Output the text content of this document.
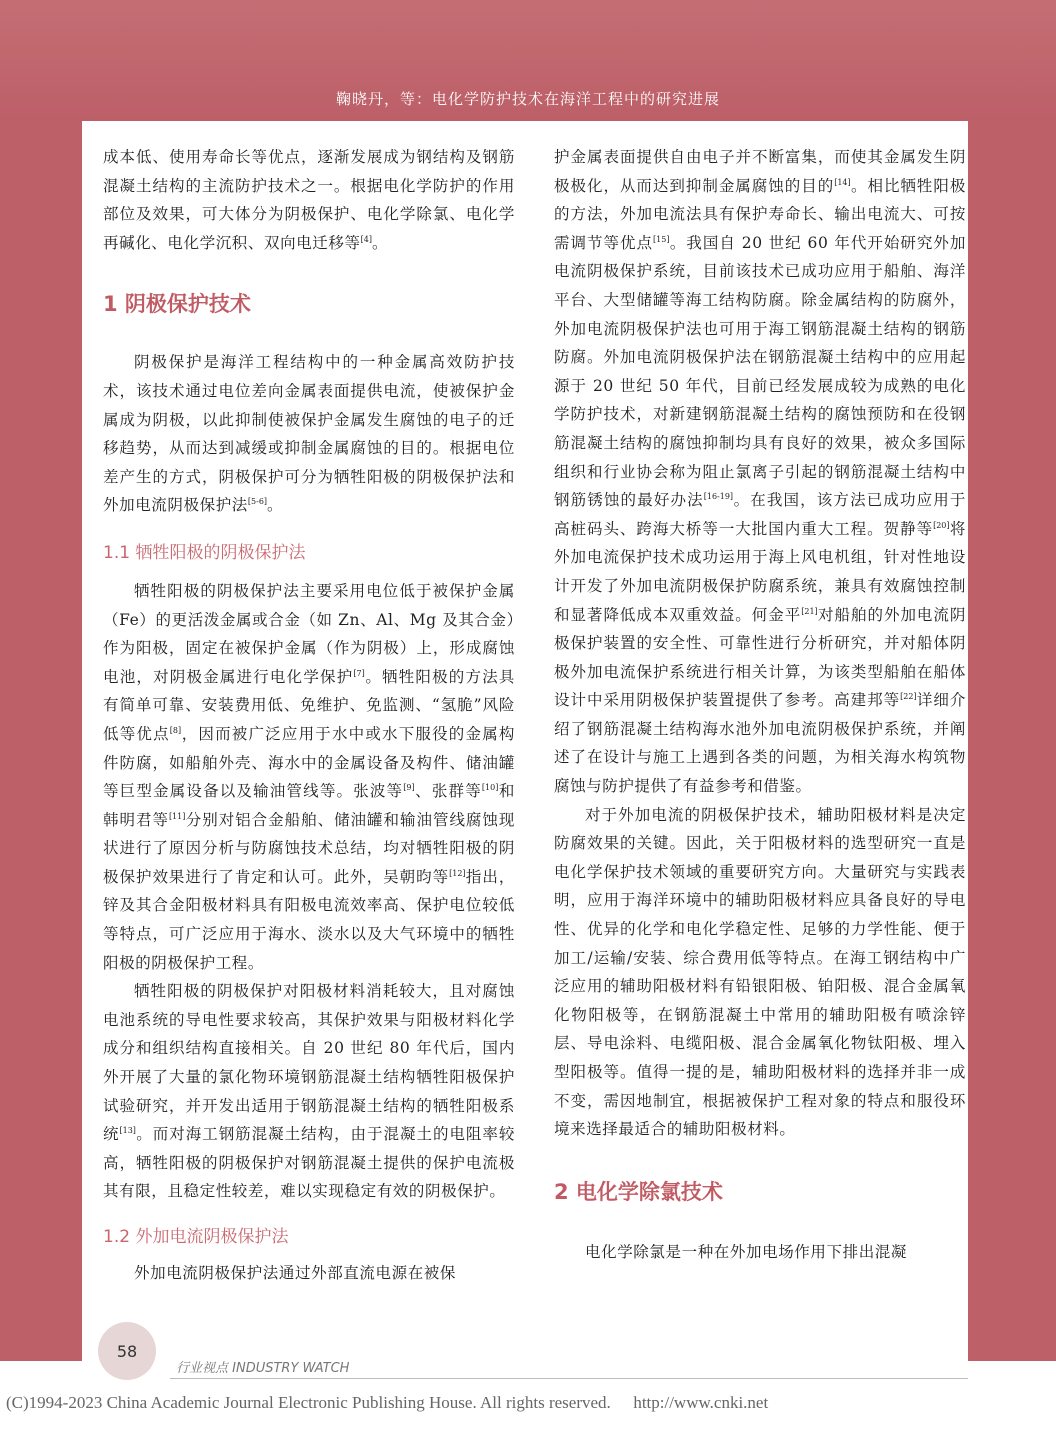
鞠晓丹，等：电化学防护技术在海洋工程中的研究进展

成本低、使用寿命长等优点，逐渐发展成为钢结构及钢筋混凝土结构的主流防护技术之一。根据电化学防护的作用部位及效果，可大体分为阴极保护、电化学除氯、电化学再碱化、电化学沉积、双向电迁移等[4]。

1 阴极保护技术

阴极保护是海洋工程结构中的一种金属高效防护技术，该技术通过电位差向金属表面提供电流，使被保护金属成为阴极，以此抑制使被保护金属发生腐蚀的电子的迁移趋势，从而达到减缓或抑制金属腐蚀的目的。根据电位差产生的方式，阴极保护可分为牺牲阳极的阴极保护法和外加电流阴极保护法[5-6]。

1.1 牺牲阳极的阴极保护法

牺牲阳极的阴极保护法主要采用电位低于被保护金属（Fe）的更活泼金属或合金（如 Zn、Al、Mg 及其合金）作为阳极，固定在被保护金属（作为阴极）上，形成腐蚀电池，对阴极金属进行电化学保护[7]。牺牲阳极的方法具有简单可靠、安装费用低、免维护、免监测、“氢脆”风险低等优点[8]，因而被广泛应用于水中或水下服役的金属构件防腐，如船舶外壳、海水中的金属设备及构件、储油罐等巨型金属设备以及输油管线等。张波等[9]、张群等[10]和韩明君等[11]分别对铝合金船舶、储油罐和输油管线腐蚀现状进行了原因分析与防腐蚀技术总结，均对牺牲阳极的阴极保护效果进行了肯定和认可。此外，吴朝昀等[12]指出，锌及其合金阳极材料具有阳极电流效率高、保护电位较低等特点，可广泛应用于海水、淡水以及大气环境中的牺牲阳极的阴极保护工程。

牺牲阳极的阴极保护对阳极材料消耗较大，且对腐蚀电池系统的导电性要求较高，其保护效果与阳极材料化学成分和组织结构直接相关。自 20 世纪 80 年代后，国内外开展了大量的氯化物环境钢筋混凝土结构牺牲阳极保护试验研究，并开发出适用于钢筋混凝土结构的牺牲阳极系统[13]。而对海工钢筋混凝土结构，由于混凝土的电阻率较高，牺牲阳极的阴极保护对钢筋混凝土提供的保护电流极其有限，且稳定性较差，难以实现稳定有效的阴极保护。

1.2 外加电流阴极保护法

外加电流阴极保护法通过外部直流电源在被保

护金属表面提供自由电子并不断富集，而使其金属发生阴极极化，从而达到抑制金属腐蚀的目的[14]。相比牺牲阳极的方法，外加电流法具有保护寿命长、输出电流大、可按需调节等优点[15]。我国自 20 世纪 60 年代开始研究外加电流阴极保护系统，目前该技术已成功应用于船舶、海洋平台、大型储罐等海工结构防腐。除金属结构的防腐外，外加电流阴极保护法也可用于海工钢筋混凝土结构的钢筋防腐。外加电流阴极保护法在钢筋混凝土结构中的应用起源于 20 世纪 50 年代，目前已经发展成较为成熟的电化学防护技术，对新建钢筋混凝土结构的腐蚀预防和在役钢筋混凝土结构的腐蚀抑制均具有良好的效果，被众多国际组织和行业协会称为阻止氯离子引起的钢筋混凝土结构中钢筋锈蚀的最好办法[16-19]。在我国，该方法已成功应用于高桩码头、跨海大桥等一大批国内重大工程。贺静等[20]将外加电流保护技术成功运用于海上风电机组，针对性地设计开发了外加电流阴极保护防腐系统，兼具有效腐蚀控制和显著降低成本双重效益。何金平[21]对船舶的外加电流阴极保护装置的安全性、可靠性进行分析研究，并对船体阴极外加电流保护系统进行相关计算，为该类型船舶在船体设计中采用阴极保护装置提供了参考。高建邦等[22]详细介绍了钢筋混凝土结构海水池外加电流阴极保护系统，并阐述了在设计与施工上遇到各类的问题，为相关海水构筑物腐蚀与防护提供了有益参考和借鉴。

对于外加电流的阴极保护技术，辅助阳极材料是决定防腐效果的关键。因此，关于阳极材料的选型研究一直是电化学保护技术领域的重要研究方向。大量研究与实践表明，应用于海洋环境中的辅助阳极材料应具备良好的导电性、优异的化学和电化学稳定性、足够的力学性能、便于加工/运输/安装、综合费用低等特点。在海工钢结构中广泛应用的辅助阳极材料有铅银阳极、铂阳极、混合金属氧化物阳极等，在钢筋混凝土中常用的辅助阳极有喷涂锌层、导电涂料、电缆阳极、混合金属氧化物钛阳极、埋入型阳极等。值得一提的是，辅助阳极材料的选择并非一成不变，需因地制宜，根据被保护工程对象的特点和服役环境来选择最适合的辅助阳极材料。

2 电化学除氯技术

电化学除氯是一种在外加电场作用下排出混凝

58
行业视点 INDUSTRY WATCH
(C)1994-2023 China Academic Journal Electronic Publishing House. All rights reserved. http://www.cnki.net
